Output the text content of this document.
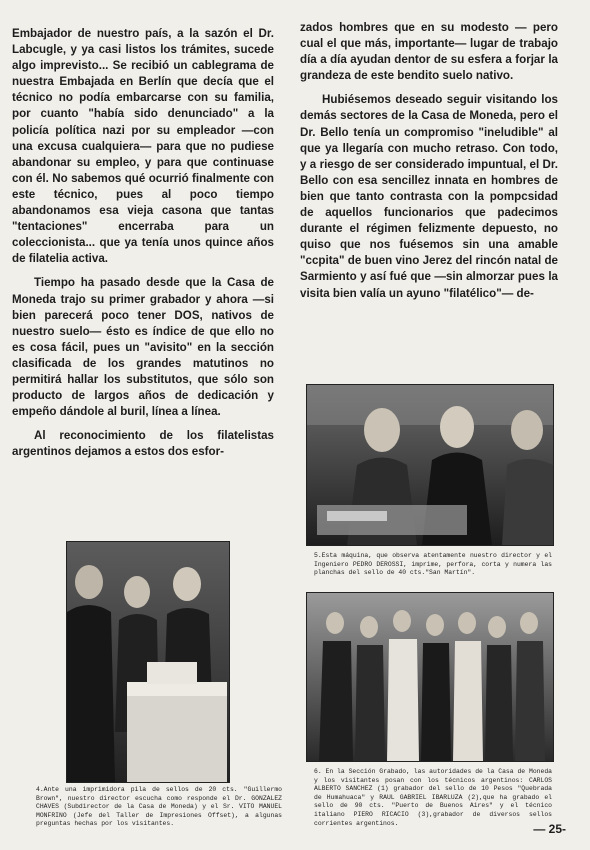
Embajador de nuestro país, a la sazón el Dr. Labcugle, y ya casi listos los trámites, sucede algo imprevisto... Se recibió un cablegrama de nuestra Embajada en Berlín que decía que el técnico no podía embarcarse con su familia, por cuanto "había sido denunciado" a la policía política nazi por su empleador —con una excusa cualquiera— para que no pudiese abandonar su empleo, y para que continuase con él. No sabemos qué ocurrió finalmente con este técnico, pues al poco tiempo abandonamos esa vieja casona que tantas "tentaciones" encerraba para un coleccionista... que ya tenía unos quince años de filatelia activa.

Tiempo ha pasado desde que la Casa de Moneda trajo su primer grabador y ahora —si bien parecerá poco tener DOS, nativos de nuestro suelo— ésto es índice de que ello no es cosa fácil, pues un "avisito" en la sección clasificada de los grandes matutinos no permitirá hallar los substitutos, que sólo son producto de largos años de dedicación y empeño dándole al buril, línea a línea.

Al reconocimiento de los filatelistas argentinos dejamos a estos dos esfor-

zados hombres que en su modesto — pero cual el que más, importante— lugar de trabajo día a día ayudan dentor de su esfera a forjar la grandeza de este bendito suelo nativo.

Hubiésemos deseado seguir visitando los demás sectores de la Casa de Moneda, pero el Dr. Bello tenía un compromiso "ineludible" al que ya llegaría con mucho retraso. Con todo, y a riesgo de ser considerado impuntual, el Dr. Bello con esa sencillez innata en hombres de bien que tanto contrasta con la pompcsidad de aquellos funcionarios que padecimos durante el régimen felizmente depuesto, no quiso que nos fuésemos sin una amable "ccpita" de buen vino Jerez del rincón natal de Sarmiento y así fué que —sin almorzar pues la visita bien valía un ayuno "filatélico"— de-

5.Esta máquina, que observa atentamente nuestro director y el Ingeniero PEDRO DEROSSI, imprime, perfora, corta y numera las planchas del sello de 40 cts."San Martín".
6. En la Sección Grabado, las autoridades de la Casa de Moneda y los visitantes posan con los técnicos argentinos: CARLOS ALBERTO SANCHEZ (1) grabador del sello de 10 Pesos "Quebrada de Humahuaca" y RAUL GABRIEL IBARLUZA (2),que ha grabado el sello de 90 cts. "Puerto de Buenos Aires" y el técnico italiano PIERO RICACIO (3),grabador de diversos sellos corrientes argentinos.
4.Ante una imprimidora pila de sellos de 20 cts. "Guillermo Brown", nuestro director escucha como responde el Dr. GONZALEZ CHAVES (Subdirector de la Casa de Moneda) y el Sr. VITO MANUEL MONFRINO (Jefe del Taller de Impresiones Offset), a algunas preguntas hechas por los visitantes.	— 25-
